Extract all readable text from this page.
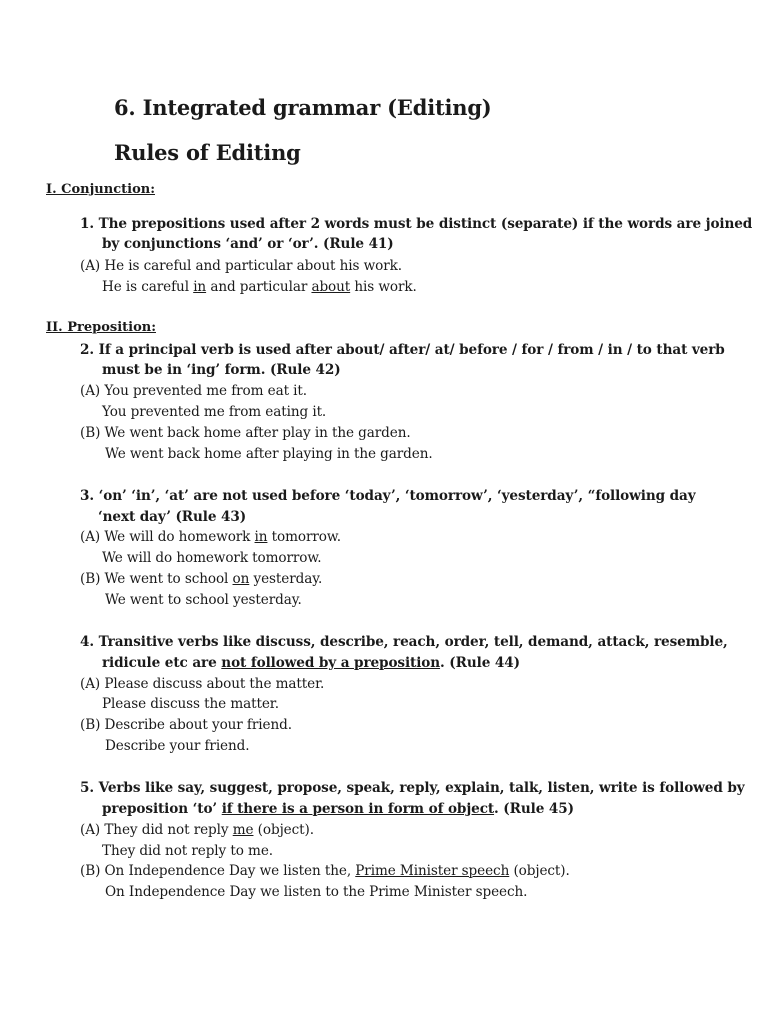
6. Integrated grammar (Editing)
Rules of Editing
I. Conjunction:
1. The prepositions used after 2 words must be distinct (separate) if the words are joined
by conjunctions ‘and’ or ‘or’. (Rule 41)
(A) He is careful and particular about his work.
He is careful in and particular about his work.
II. Preposition:
2. If a principal verb is used after about/ after/ at/ before / for / from / in / to that verb
must be in ‘ing’ form. (Rule 42)
(A) You prevented me from eat it.
You prevented me from eating it.
(B) We went back home after play in the garden.
We went back home after playing in the garden.
3. ‘on’ ‘in’, ‘at’ are not used before ‘today’, ‘tomorrow’, ‘yesterday’, “following day
‘next day’ (Rule 43)
(A) We will do homework in tomorrow.
We will do homework tomorrow.
(B) We went to school on yesterday.
We went to school yesterday.
4. Transitive verbs like discuss, describe, reach, order, tell, demand, attack, resemble,
ridicule etc are not followed by a preposition. (Rule 44)
(A) Please discuss about the matter.
Please discuss the matter.
(B) Describe about your friend.
Describe your friend.
5. Verbs like say, suggest, propose, speak, reply, explain, talk, listen, write is followed by
preposition ‘to’ if there is a person in form of object. (Rule 45)
(A) They did not reply me (object).
They did not reply to me.
(B) On Independence Day we listen the, Prime Minister speech (object).
On Independence Day we listen to the Prime Minister speech.
